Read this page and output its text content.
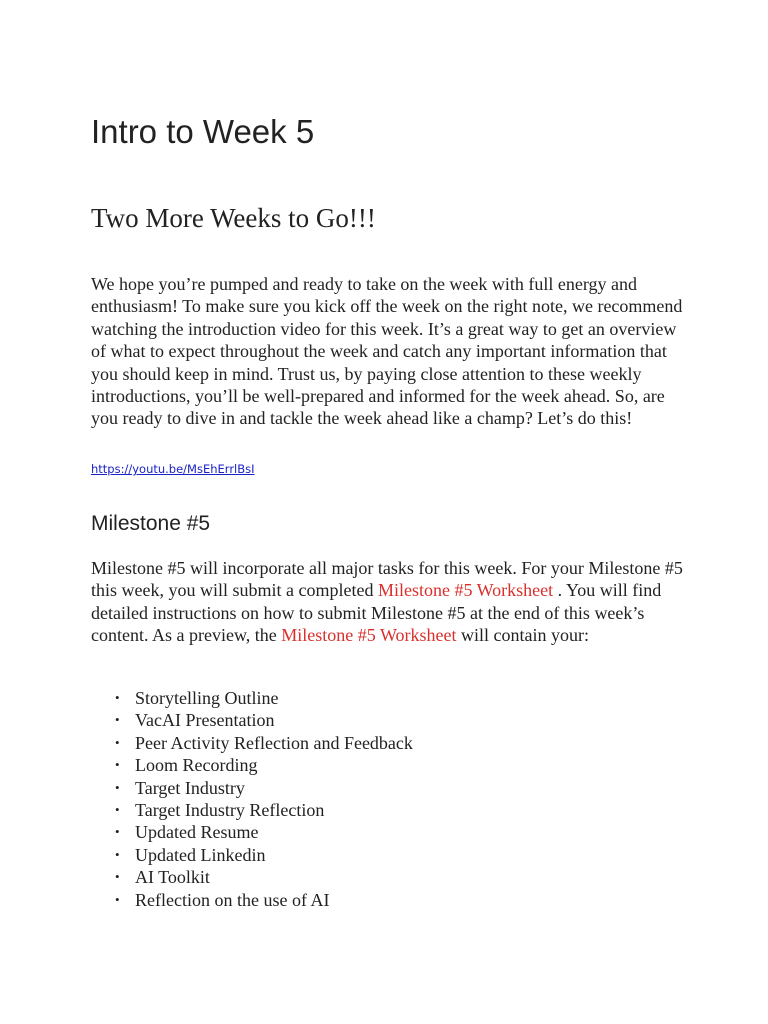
Intro to Week 5
Two More Weeks to Go!!!

We hope you’re pumped and ready to take on the week with full energy and enthusiasm! To make sure you kick off the week on the right note, we recommend watching the introduction video for this week. It’s a great way to get an overview of what to expect throughout the week and catch any important information that you should keep in mind. Trust us, by paying close attention to these weekly introductions, you’ll be well-prepared and informed for the week ahead. So, are you ready to dive in and tackle the week ahead like a champ? Let’s do this!

https://youtu.be/MsEhErrlBsI
Milestone #5

Milestone #5 will incorporate all major tasks for this week. For your Milestone #5 this week, you will submit a completed Milestone #5 Worksheet . You will find detailed instructions on how to submit Milestone #5 at the end of this week’s content. As a preview, the Milestone #5 Worksheet will contain your:

• Storytelling Outline
• VacAI Presentation
• Peer Activity Reflection and Feedback
• Loom Recording
• Target Industry
• Target Industry Reflection
• Updated Resume
• Updated Linkedin
• AI Toolkit
• Reflection on the use of AI
